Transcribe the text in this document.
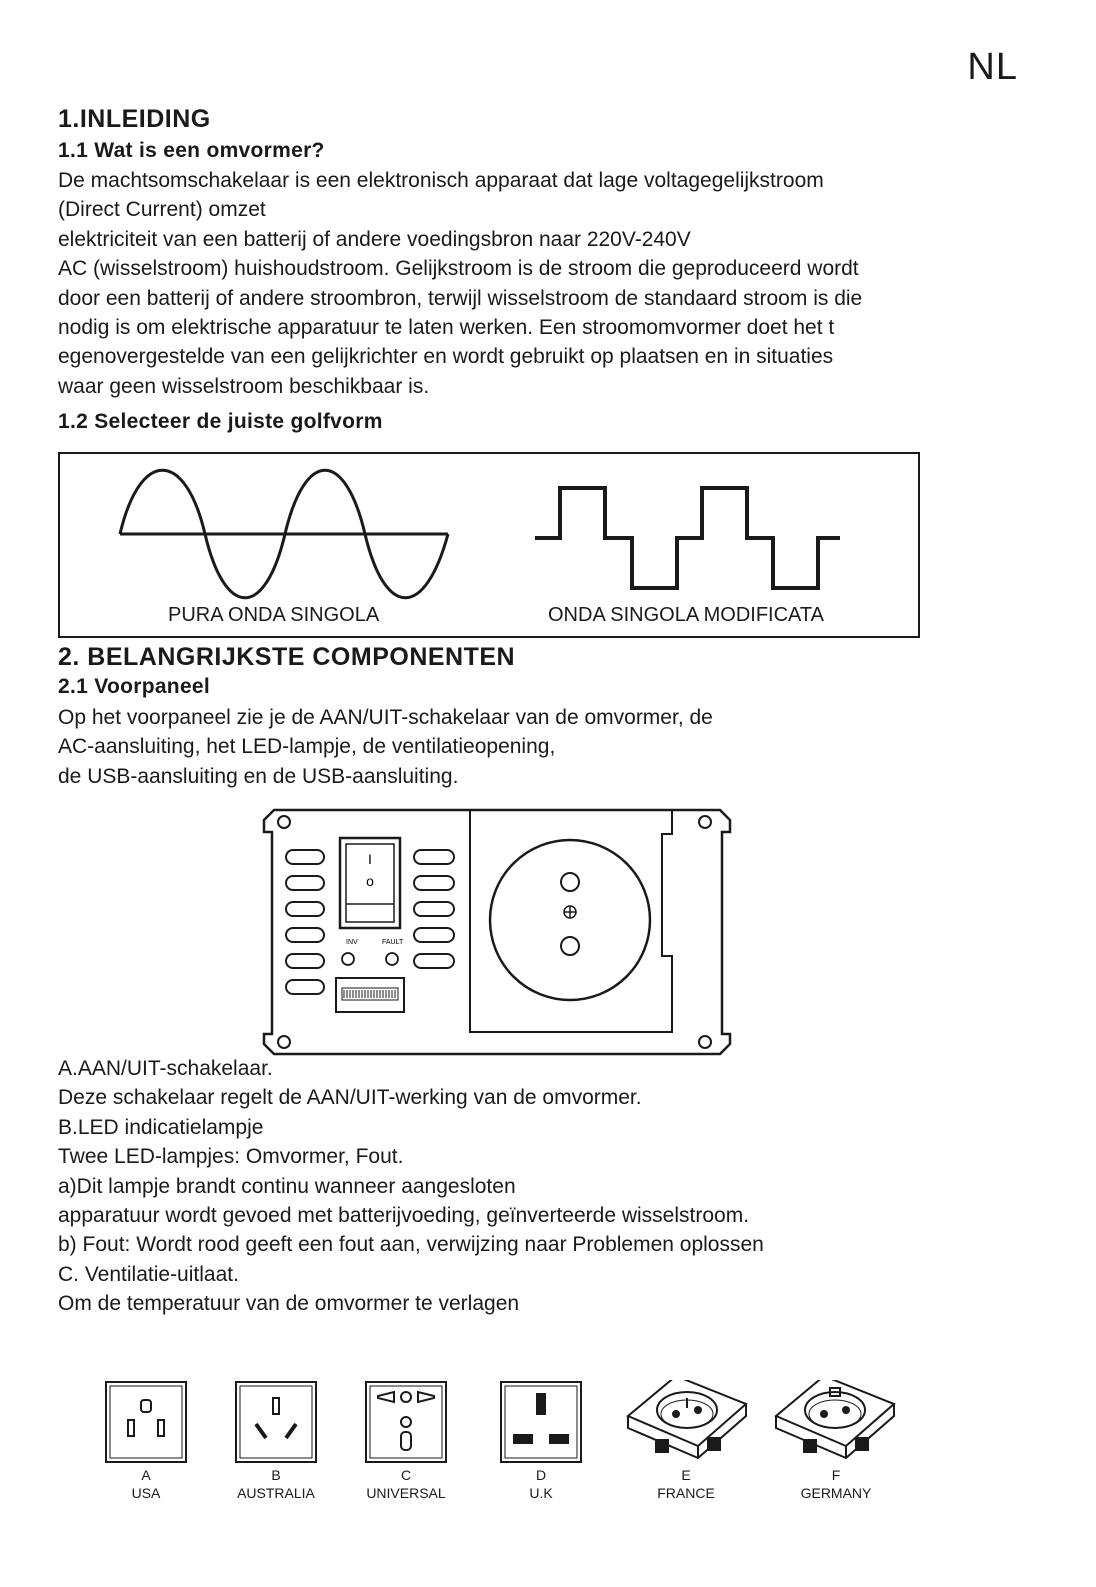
NL
1.INLEIDING
1.1 Wat is een omvormer?
De machtsomschakelaar is een elektronisch apparaat dat lage voltagegelijkstroom
(Direct Current) omzet
elektriciteit van een batterij of andere voedingsbron naar 220V-240V
AC (wisselstroom) huishoudstroom. Gelijkstroom is de stroom die geproduceerd wordt
door een batterij of andere stroombron, terwijl wisselstroom de standaard stroom is die
nodig is om elektrische apparatuur te laten werken. Een stroomomvormer doet het t
egenovergestelde van een gelijkrichter en wordt gebruikt op plaatsen en in situaties
waar geen wisselstroom beschikbaar is.
1.2 Selecteer de juiste golfvorm
PURA ONDA SINGOLA	ONDA SINGOLA MODIFICATA
2. BELANGRIJKSTE COMPONENTEN
2.1 Voorpaneel
Op het voorpaneel zie je de AAN/UIT-schakelaar van de omvormer, de
AC-aansluiting, het LED-lampje, de ventilatieopening,
de USB-aansluiting en de USB-aansluiting.
I
o
INV	FAULT
A.AAN/UIT-schakelaar.
Deze schakelaar regelt de AAN/UIT-werking van de omvormer.
B.LED indicatielampje
Twee LED-lampjes: Omvormer, Fout.
a)Dit lampje brandt continu wanneer aangesloten
apparatuur wordt gevoed met batterijvoeding, geïnverteerde wisselstroom.
b) Fout: Wordt rood geeft een fout aan, verwijzing naar Problemen oplossen
C. Ventilatie-uitlaat.
Om de temperatuur van de omvormer te verlagen
A
USA
B
AUSTRALIA
C
UNIVERSAL
D
U.K
E
FRANCE
F
GERMANY
